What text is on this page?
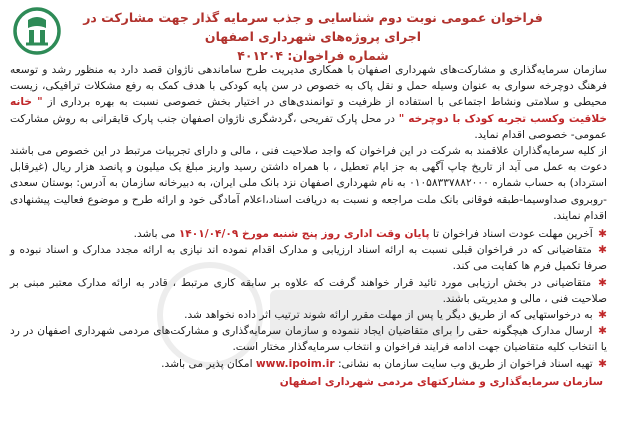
فراخوان عمومی نوبت دوم شناسایی و جذب سرمایه گذار جهت مشارکت در اجرای پروژه‌های شهرداری اصفهان
شماره فراخوان: ۴۰۱۲۰۴

سازمان سرمایه‌گذاری و مشارکت‌های شهرداری اصفهان با همکاری مدیریت طرح ساماندهی ناژوان قصد دارد به منظور رشد و توسعه فرهنگ دوچرخه سواری به عنوان وسیله حمل و نقل پاک به خصوص در سن پایه کودکی با هدف کمک به رفع مشکلات ترافیکی، زیست محیطی و سلامتی ونشاط اجتماعی با استفاده از ظرفیت و توانمندی‌های در اختیار بخش خصوصی نسبت به بهره برداری از " خانه خلاقیت وکسب تجربه کودک با دوچرخه " در محل پارک تفریحی ،گردشگری ناژوان اصفهان جنب پارک قایقرانی به روش مشارکت عمومی- خصوصی اقدام نماید.

از کلیه سرمایه‌گذاران علاقمند به شرکت در این فراخوان که واجد صلاحیت فنی ، مالی و دارای تجربیات مرتبط در این خصوص می باشند دعوت به عمل می آید از تاریخ چاپ آگهی به جز ایام تعطیل ، با همراه داشتن رسید واریز مبلغ یک میلیون و پانصد هزار ریال (غیرقابل استرداد) به حساب شماره ۰۱۰۵۸۳۳۷۸۸۲۰۰۰ به نام شهرداری اصفهان نزد بانک ملی ایران، به دبیرخانه سازمان به آدرس: بوستان سعدی -روبروی صداوسیما-طبقه فوقانی بانک ملت مراجعه و نسبت به دریافت اسناد،اعلام آمادگی خود و ارائه طرح و موضوع فعالیت پیشنهادی اقدام نمایند.

✱ آخرین مهلت عودت اسناد فراخوان تا پایان وقت اداری روز پنج شنبه مورخ ۱۴۰۱/۰۴/۰۹ می باشد.

✱ متقاضیانی که در فراخوان قبلی نسبت به ارائه اسناد ارزیابی و مدارک اقدام نموده اند نیازی به ارائه مجدد مدارک و اسناد نبوده و صرفا تکمیل فرم ها کفایت می کند.

✱ متقاضیانی در بخش ارزیابی مورد تائید قرار خواهند گرفت که علاوه بر سابقه کاری مرتبط ، قادر به ارائه مدارک معتبر مبنی بر صلاحیت فنی ، مالی و مدیریتی باشند.

✱ به درخواستهایی که از طریق دیگر یا پس از مهلت مقرر ارائه شوند ترتیب اثر داده نخواهد شد.

✱ ارسال مدارک هیچگونه حقی را برای متقاضیان ایجاد ننموده و سازمان سرمایه‌گذاری و مشارکت‌های مردمی شهرداری اصفهان در رد یا انتخاب کلیه متقاضیان جهت ادامه فرایند فراخوان و انتخاب سرمایه‌گذار مختار است.

✱ تهیه اسناد فراخوان از طریق وب سایت سازمان به نشانی: www.ipoim.ir امکان پذیر می باشد.

سازمان سرمایه‌گذاری و مشارکتهای مردمی شهرداری اصفهان
